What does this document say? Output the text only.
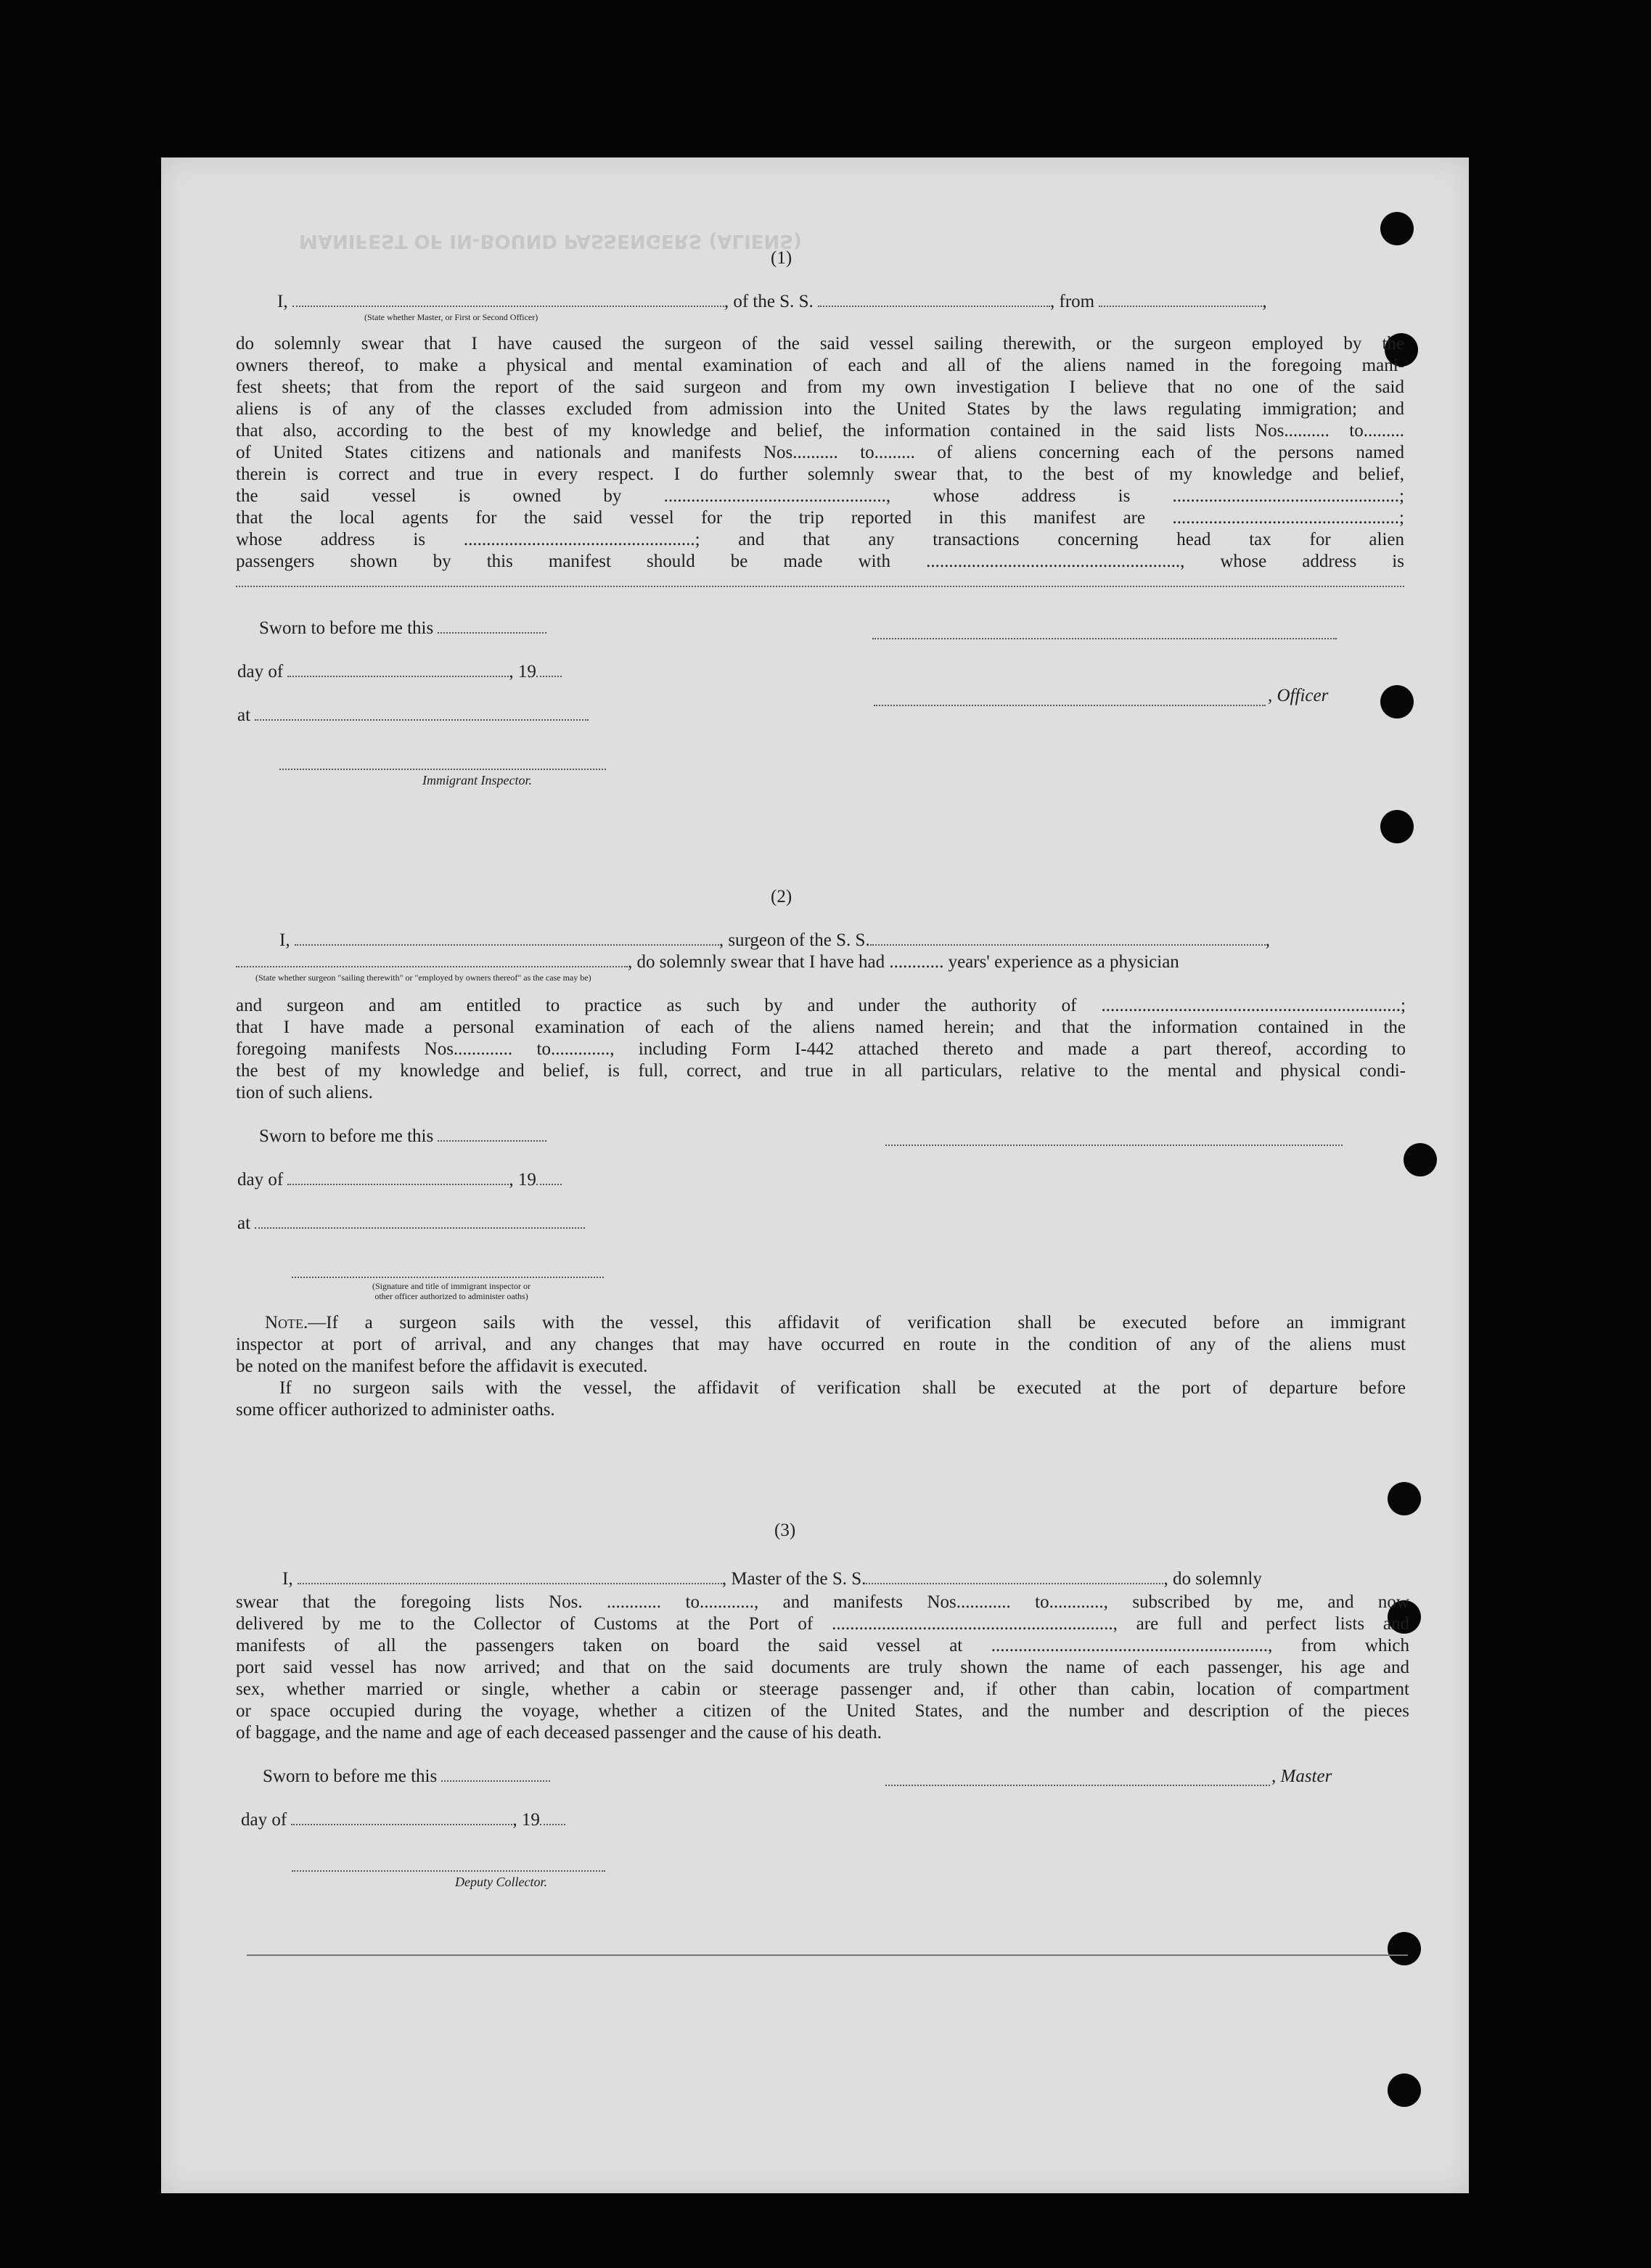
MANIFEST OF IN-BOUND PASSENGERS (ALIENS)
(1)
I,	, of the S. S.	, from	,
(State whether Master, or First or Second Officer)
do solemnly swear that I have caused the surgeon of the said vessel sailing therewith, or the surgeon employed by the
owners thereof, to make a physical and mental examination of each and all of the aliens named in the foregoing mani-
fest sheets; that from the report of the said surgeon and from my own investigation I believe that no one of the said
aliens is of any of the classes excluded from admission into the United States by the laws regulating immigration; and
that also, according to the best of my knowledge and belief, the information contained in the said lists Nos.......... to.........
of United States citizens and nationals and manifests Nos.......... to......... of aliens concerning each of the persons named
therein is correct and true in every respect. I do further solemnly swear that, to the best of my knowledge and belief,
the said vessel is owned by ................................................., whose address is ..................................................;
that the local agents for the said vessel for the trip reported in this manifest are ..................................................;
whose address is ...................................................; and that any transactions concerning head tax for alien
passengers shown by this manifest should be made with ........................................................, whose address is
Sworn to before me this
day of	, 19
at
, Officer
Immigrant Inspector.
(2)
I,	, surgeon of the S. S.	,
, do solemnly swear that I have had ............ years' experience as a physician
(State whether surgeon "sailing therewith" or "employed by owners thereof" as the case may be)
and surgeon and am entitled to practice as such by and under the authority of ..................................................................;
that I have made a personal examination of each of the aliens named herein; and that the information contained in the
foregoing manifests Nos............. to............., including Form I-442 attached thereto and made a part thereof, according to
the best of my knowledge and belief, is full, correct, and true in all particulars, relative to the mental and physical condi-
tion of such aliens.
Sworn to before me this
day of	, 19
at
(Signature and title of immigrant inspector or
other officer authorized to administer oaths)
Note.—If a surgeon sails with the vessel, this affidavit of verification shall be executed before an immigrant
inspector at port of arrival, and any changes that may have occurred en route in the condition of any of the aliens must
be noted on the manifest before the affidavit is executed.
If no surgeon sails with the vessel, the affidavit of verification shall be executed at the port of departure before
some officer authorized to administer oaths.
(3)
I,	, Master of the S. S.	, do solemnly
swear that the foregoing lists Nos. ............ to............, and manifests Nos............ to............, subscribed by me, and now
delivered by me to the Collector of Customs at the Port of .............................................................., are full and perfect lists and
manifests of all the passengers taken on board the said vessel at ............................................................., from which
port said vessel has now arrived; and that on the said documents are truly shown the name of each passenger, his age and
sex, whether married or single, whether a cabin or steerage passenger and, if other than cabin, location of compartment
or space occupied during the voyage, whether a citizen of the United States, and the number and description of the pieces
of baggage, and the name and age of each deceased passenger and the cause of his death.
Sworn to before me this	, Master
day of	, 19
Deputy Collector.
